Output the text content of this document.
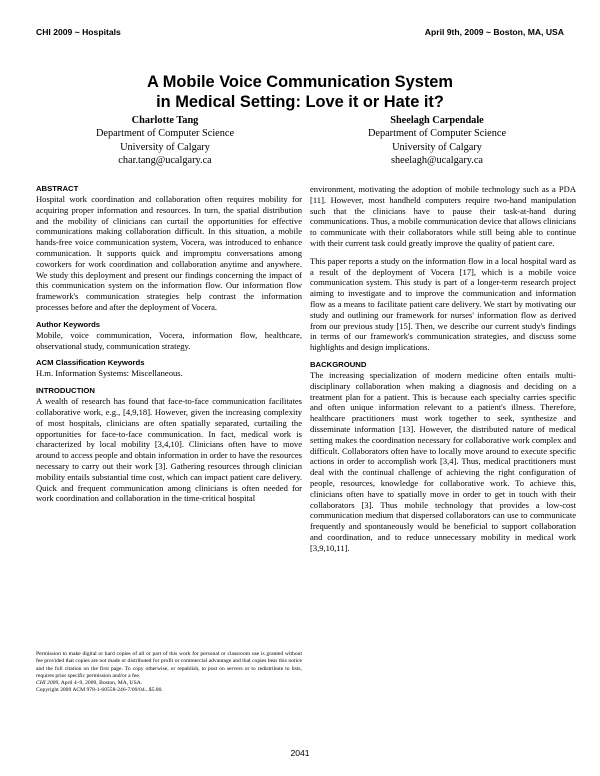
CHI 2009 ~ Hospitals	April 9th, 2009 ~ Boston, MA, USA
A Mobile Voice Communication System
in Medical Setting: Love it or Hate it?
Charlotte Tang
Department of Computer Science
University of Calgary
char.tang@ucalgary.ca
Sheelagh Carpendale
Department of Computer Science
University of Calgary
sheelagh@ucalgary.ca
ABSTRACT

Hospital work coordination and collaboration often requires mobility for acquiring proper information and resources. In turn, the spatial distribution and the mobility of clinicians can curtail the opportunities for effective communications making collaboration difficult. In this situation, a mobile hands-free voice communication system, Vocera, was introduced to enhance communication. It supports quick and impromptu conversations among coworkers for work coordination and collaboration anytime and anywhere. We study this deployment and present our findings concerning the impact of this communication system on the information flow. Our information flow framework's communication strategies help contrast the information processes before and after the deployment of Vocera.

Author Keywords

Mobile, voice communication, Vocera, information flow, healthcare, observational study, communication strategy.

ACM Classification Keywords

H.m. Information Systems: Miscellaneous.

INTRODUCTION

A wealth of research has found that face-to-face communication facilitates collaborative work, e.g., [4,9,18]. However, given the increasing complexity of most hospitals, clinicians are often spatially separated, curtailing the opportunities for face-to-face communication. In fact, medical work is characterized by local mobility [3,4,10]. Clinicians often have to move around to access people and obtain information in order to have the resources necessary to carry out their work [3]. Gathering resources through clinician mobility entails substantial time cost, which can impact patient care delivery. Quick and frequent communication among clinicians is often needed for work coordination and collaboration in the time-critical hospital

Permission to make digital or hard copies of all or part of this work for personal or classroom use is granted without fee provided that copies are not made or distributed for profit or commercial advantage and that copies bear this notice and the full citation on the first page. To copy otherwise, or republish, to post on servers or to redistribute to lists, requires prior specific permission and/or a fee.

CHI 2009, April 4–9, 2009, Boston, MA, USA.

Copyright 2009 ACM 978-1-60558-246-7/09/04...$5.00.

environment, motivating the adoption of mobile technology such as a PDA [11]. However, most handheld computers require two-hand manipulation such that the clinicians have to pause their task-at-hand during communications. Thus, a mobile communication device that allows clinicians to communicate with their collaborators while still being able to continue with their current task could greatly improve the quality of patient care.

This paper reports a study on the information flow in a local hospital ward as a result of the deployment of Vocera [17], which is a mobile voice communication system. This study is part of a longer-term research project aiming to investigate and to improve the communication and information flow as a means to facilitate patient care delivery. We start by motivating our study and outlining our framework for nurses' information flow as derived from our previous study [15]. Then, we describe our current study's findings in terms of our framework's communication strategies, and discuss some highlights and design implications.

BACKGROUND

The increasing specialization of modern medicine often entails multi-disciplinary collaboration when making a diagnosis and deciding on a treatment plan for a patient. This is because each specialty carries specific and often unique information relevant to a patient's illness. Therefore, healthcare practitioners must work together to seek, synthesize and disseminate information [13]. However, the distributed nature of medical setting makes the coordination necessary for collaborative work complex and difficult. Collaborators often have to locally move around to execute specific actions in order to accomplish work [3,4]. Thus, medical practitioners must deal with the continual challenge of achieving the right configuration of people, resources, knowledge for collaborative work. To achieve this, clinicians often have to spatially move in order to get in touch with their collaborators [3]. Thus mobile technology that provides a low-cost communication medium that dispersed collaborators can use to communicate frequently and spontaneously would be beneficial to support collaboration and coordination, and to reduce unnecessary mobility in medical work [3,9,10,11].

2041
